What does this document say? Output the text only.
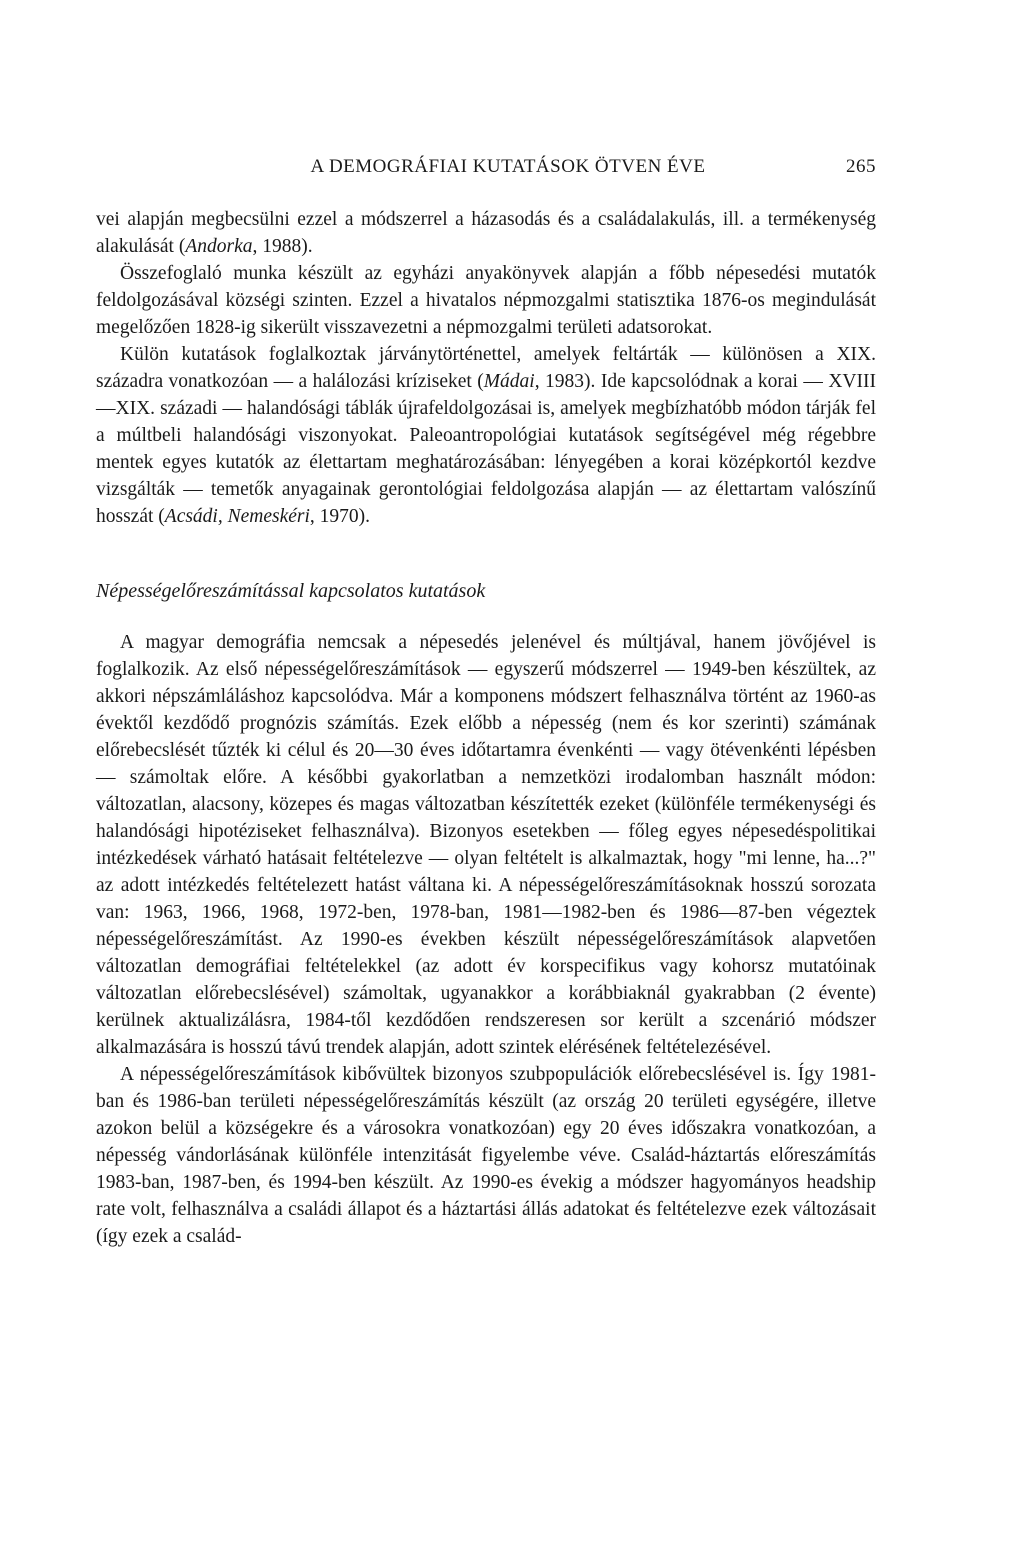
A DEMOGRÁFIAI KUTATÁSOK ÖTVEN ÉVE	265

vei alapján megbecsülni ezzel a módszerrel a házasodás és a családalakulás, ill. a termékenység alakulását (Andorka, 1988).

Összefoglaló munka készült az egyházi anyakönyvek alapján a főbb népesedési mutatók feldolgozásával községi szinten. Ezzel a hivatalos népmozgalmi statisztika 1876-os megindulását megelőzően 1828-ig sikerült visszavezetni a népmozgalmi területi adatsorokat.

Külön kutatások foglalkoztak járványtörténettel, amelyek feltárták — különösen a XIX. századra vonatkozóan — a halálozási kríziseket (Mádai, 1983). Ide kapcsolódnak a korai — XVIII—XIX. századi — halandósági táblák újrafeldolgozásai is, amelyek megbízhatóbb módon tárják fel a múltbeli halandósági viszonyokat. Paleoantropológiai kutatások segítségével még régebbre mentek egyes kutatók az élettartam meghatározásában: lényegében a korai középkortól kezdve vizsgálták — temetők anyagainak gerontológiai feldolgozása alapján — az élettartam valószínű hosszát (Acsádi, Nemeskéri, 1970).

Népességelőreszámítással kapcsolatos kutatások

A magyar demográfia nemcsak a népesedés jelenével és múltjával, hanem jövőjével is foglalkozik. Az első népességelőreszámítások — egyszerű módszerrel — 1949-ben készültek, az akkori népszámláláshoz kapcsolódva. Már a komponens módszert felhasználva történt az 1960-as évektől kezdődő prognózis számítás. Ezek előbb a népesség (nem és kor szerinti) számának előrebecslését tűzték ki célul és 20—30 éves időtartamra évenkénti — vagy ötévenkénti lépésben — számoltak előre. A későbbi gyakorlatban a nemzetközi irodalomban használt módon: változatlan, alacsony, közepes és magas változatban készítették ezeket (különféle termékenységi és halandósági hipotéziseket felhasználva). Bizonyos esetekben — főleg egyes népesedéspolitikai intézkedések várható hatásait feltételezve — olyan feltételt is alkalmaztak, hogy "mi lenne, ha...?" az adott intézkedés feltételezett hatást váltana ki. A népességelőreszámításoknak hosszú sorozata van: 1963, 1966, 1968, 1972-ben, 1978-ban, 1981—1982-ben és 1986—87-ben végeztek népességelőreszámítást. Az 1990-es években készült népességelőreszámítások alapvetően változatlan demográfiai feltételekkel (az adott év korspecifikus vagy kohorsz mutatóinak változatlan előrebecslésével) számoltak, ugyanakkor a korábbiaknál gyakrabban (2 évente) kerülnek aktualizálásra, 1984-től kezdődően rendszeresen sor került a szcenárió módszer alkalmazására is hosszú távú trendek alapján, adott szintek elérésének feltételezésével.

A népességelőreszámítások kibővültek bizonyos szubpopulációk előrebecslésével is. Így 1981-ban és 1986-ban területi népességelőreszámítás készült (az ország 20 területi egységére, illetve azokon belül a községekre és a városokra vonatkozóan) egy 20 éves időszakra vonatkozóan, a népesség vándorlásának különféle intenzitását figyelembe véve. Család-háztartás előreszámítás 1983-ban, 1987-ben, és 1994-ben készült. Az 1990-es évekig a módszer hagyományos headship rate volt, felhasználva a családi állapot és a háztartási állás adatokat és feltételezve ezek változásait (így ezek a család-
